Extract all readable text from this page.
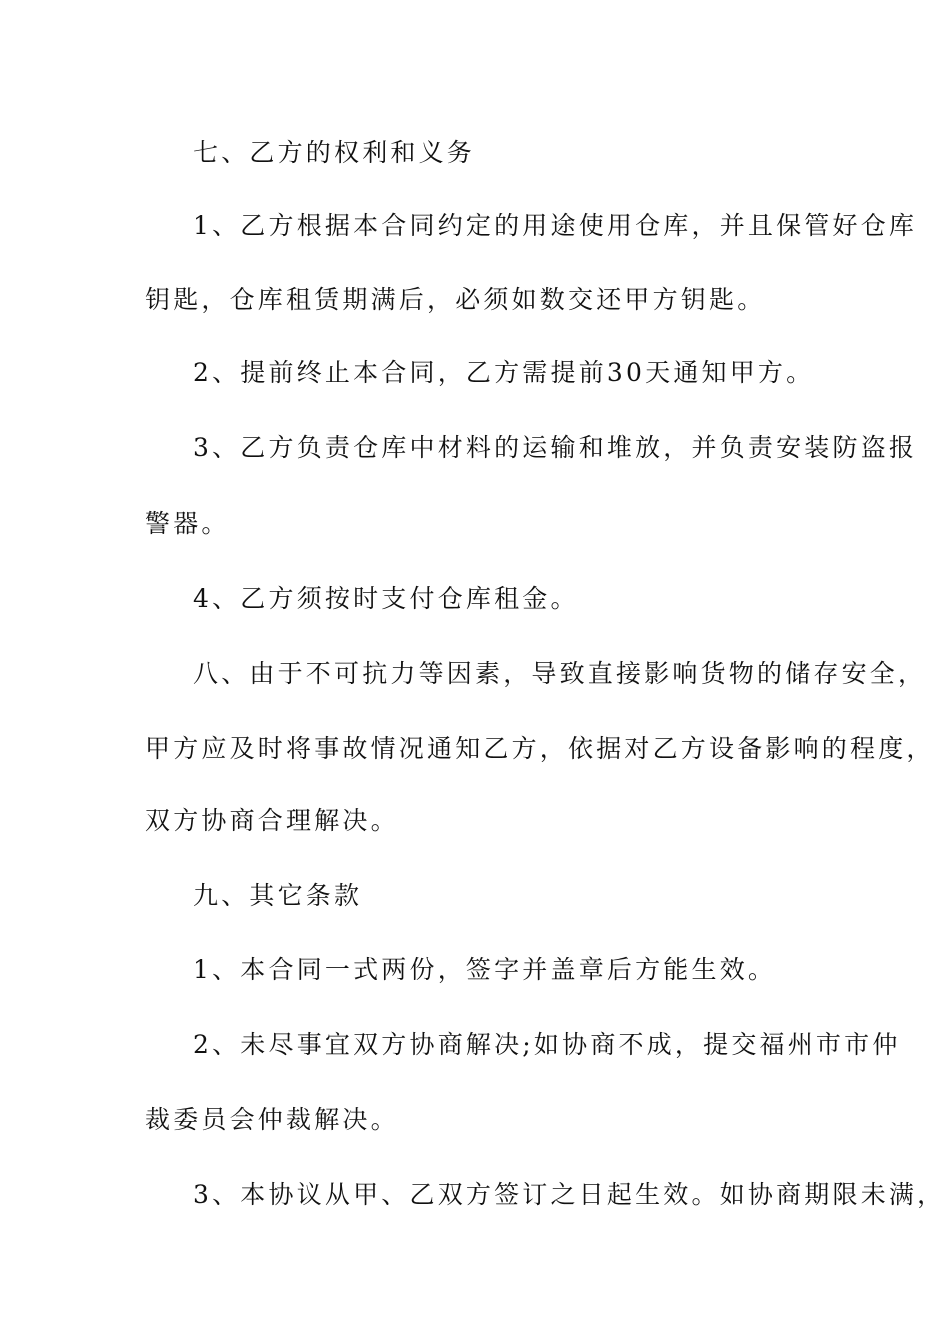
七、乙方的权利和义务
1、乙方根据本合同约定的用途使用仓库，并且保管好仓库
钥匙，仓库租赁期满后，必须如数交还甲方钥匙。
2、提前终止本合同，乙方需提前30天通知甲方。
3、乙方负责仓库中材料的运输和堆放，并负责安装防盗报
警器。
4、乙方须按时支付仓库租金。
八、由于不可抗力等因素，导致直接影响货物的储存安全，
甲方应及时将事故情况通知乙方，依据对乙方设备影响的程度，
双方协商合理解决。
九、其它条款
1、本合同一式两份，签字并盖章后方能生效。
2、未尽事宜双方协商解决;如协商不成，提交福州市市仲
裁委员会仲裁解决。
3、本协议从甲、乙双方签订之日起生效。如协商期限未满，
